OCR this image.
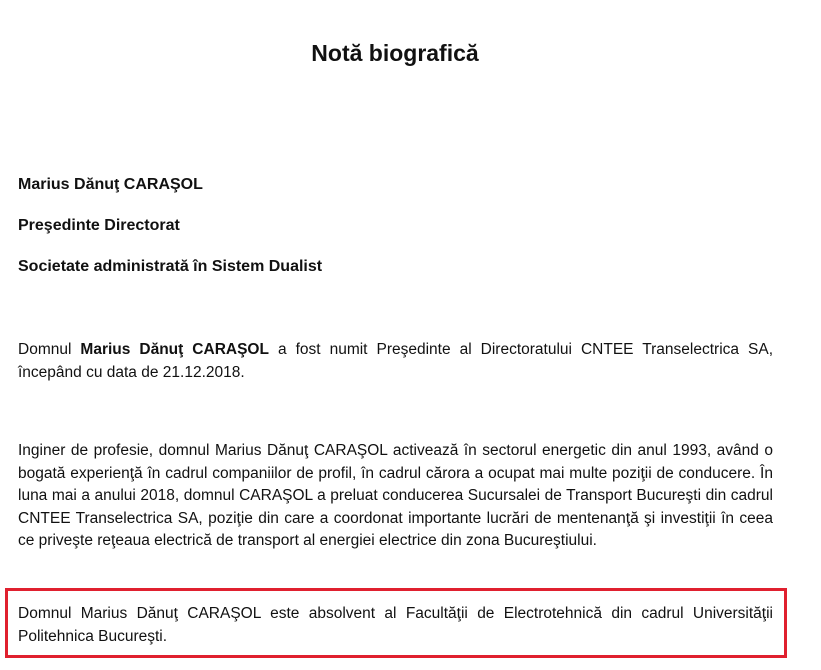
Notă biografică
Marius Dănuţ CARAŞOL
Preşedinte Directorat
Societate administrată în Sistem Dualist
Domnul Marius Dănuţ CARAŞOL a fost numit Preşedinte al Directoratului CNTEE Transelectrica SA, începând cu data de 21.12.2018.
Inginer de profesie, domnul Marius Dănuţ CARAŞOL activează în sectorul energetic din anul 1993, având o bogată experienţă în cadrul companiilor de profil, în cadrul cărora a ocupat mai multe poziţii de conducere. În luna mai a anului 2018, domnul CARAŞOL a preluat conducerea Sucursalei de Transport Bucureşti din cadrul CNTEE Transelectrica SA, poziţie din care a coordonat importante lucrări de mentenanţă şi investiţii în ceea ce priveşte reţeaua electrică de transport al energiei electrice din zona Bucureştiului.
Domnul Marius Dănuţ CARAŞOL este absolvent al Facultăţii de Electrotehnică din cadrul Universităţii Politehnica Bucureşti.
